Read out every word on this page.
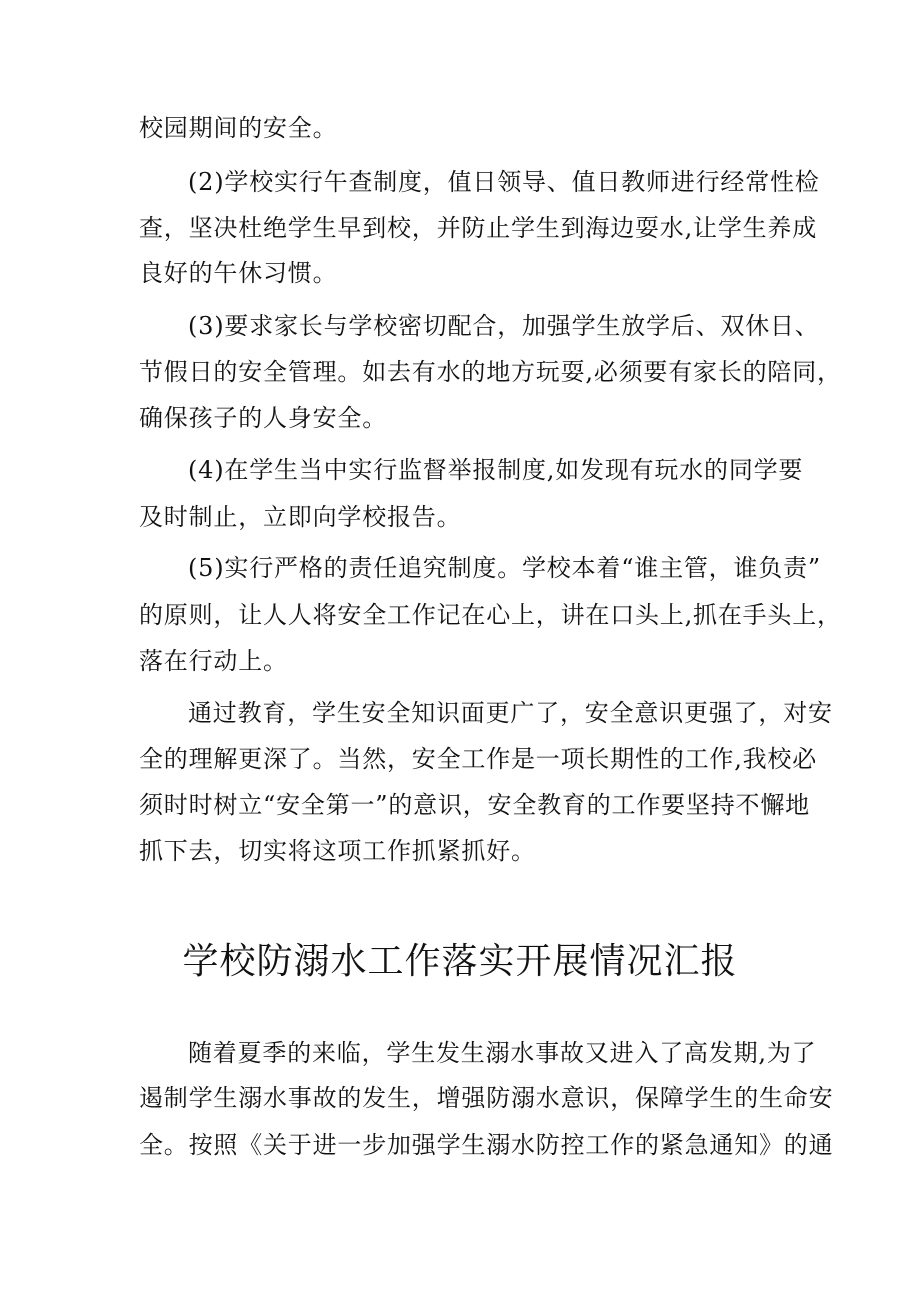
校园期间的安全。
(2)学校实行午查制度，值日领导、值日教师进行经常性检
查，坚决杜绝学生早到校，并防止学生到海边耍水,让学生养成
良好的午休习惯。
(3)要求家长与学校密切配合，加强学生放学后、双休日、
节假日的安全管理。如去有水的地方玩耍,必须要有家长的陪同，
确保孩子的人身安全。
(4)在学生当中实行监督举报制度,如发现有玩水的同学要
及时制止，立即向学校报告。
(5)实行严格的责任追究制度。学校本着“谁主管，谁负责”
的原则，让人人将安全工作记在心上，讲在口头上,抓在手头上，
落在行动上。
通过教育，学生安全知识面更广了，安全意识更强了，对安
全的理解更深了。当然，安全工作是一项长期性的工作,我校必
须时时树立“安全第一”的意识，安全教育的工作要坚持不懈地
抓下去，切实将这项工作抓紧抓好。
学校防溺水工作落实开展情况汇报
随着夏季的来临，学生发生溺水事故又进入了高发期,为了
遏制学生溺水事故的发生，增强防溺水意识，保障学生的生命安
全。按照《关于进一步加强学生溺水防控工作的紧急通知》的通
